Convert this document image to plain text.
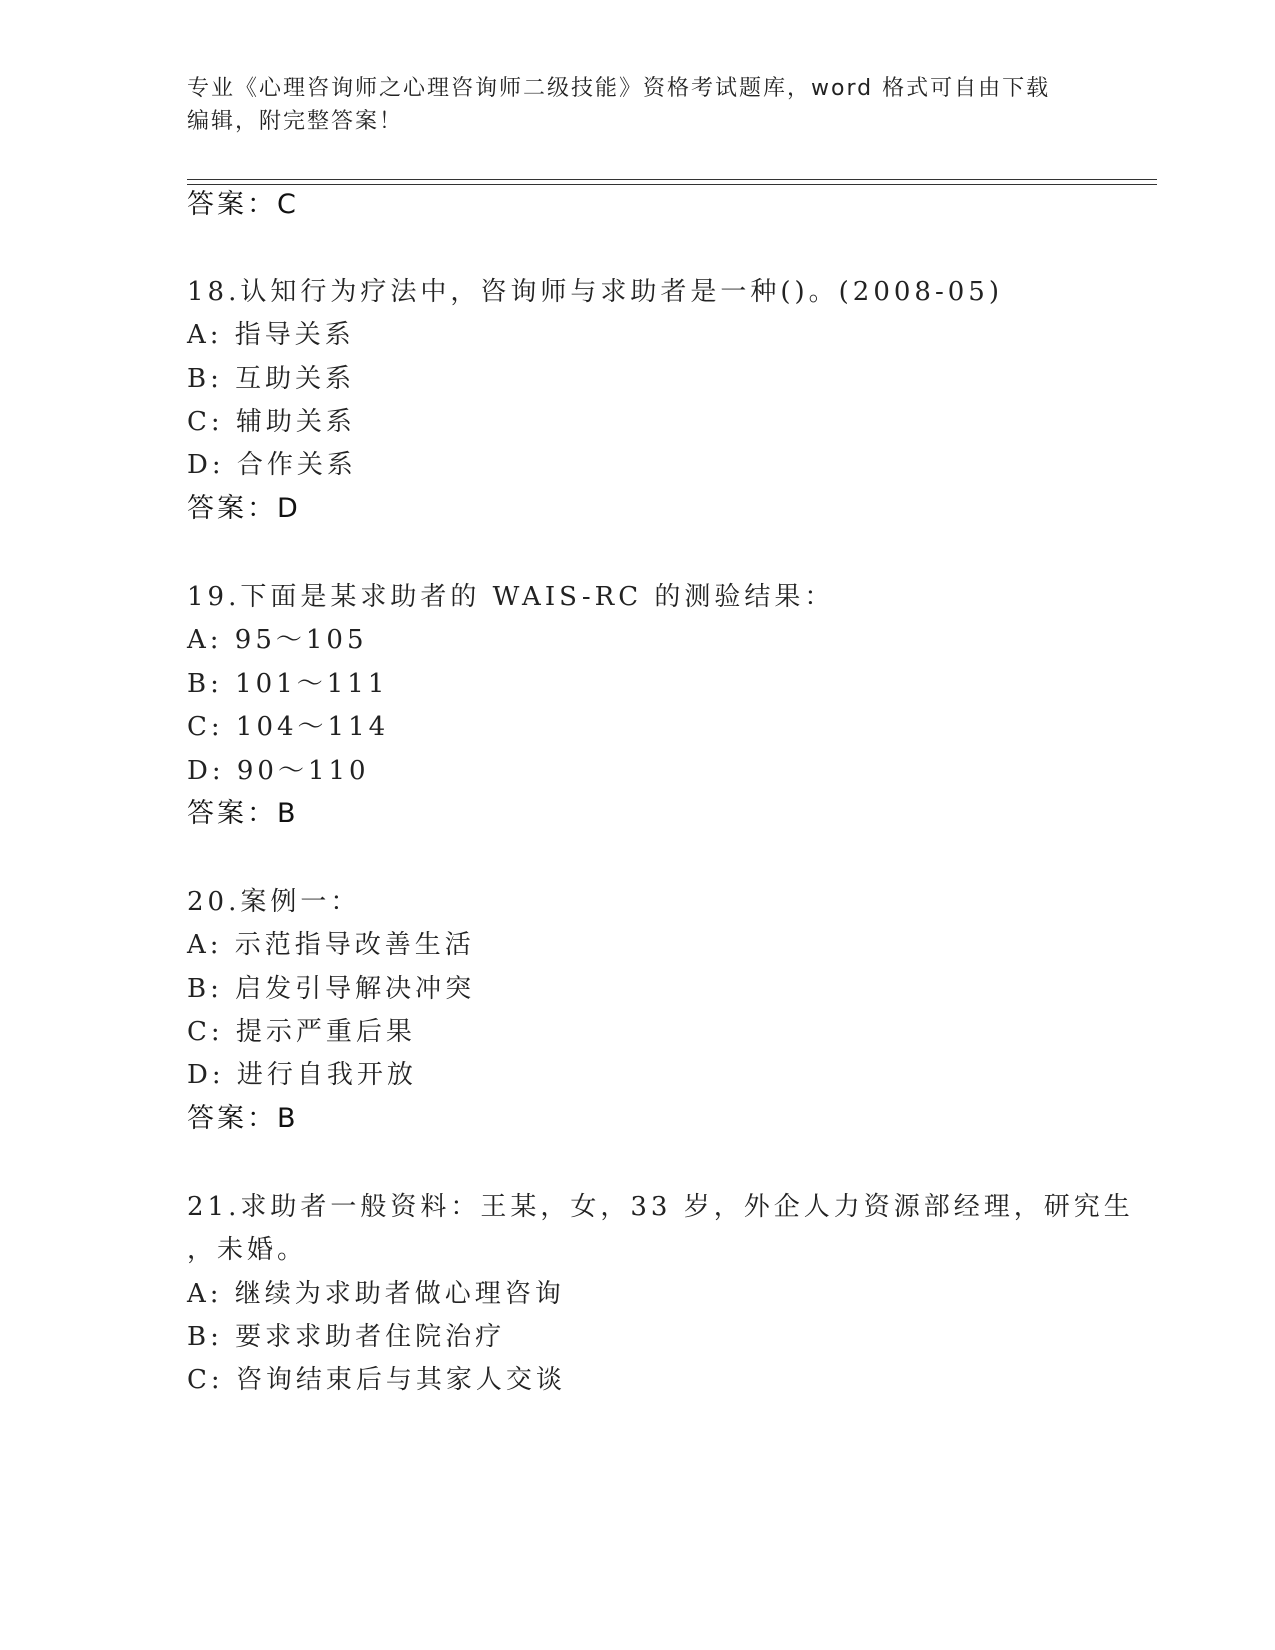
专业《心理咨询师之心理咨询师二级技能》资格考试题库，word 格式可自由下载
编辑，附完整答案！
答案：C
18.认知行为疗法中，咨询师与求助者是一种()。(2008-05)
A: 指导关系
B: 互助关系
C: 辅助关系
D: 合作关系
答案：D
19.下面是某求助者的 WAIS-RC 的测验结果：
A: 95～105
B: 101～111
C: 104～114
D: 90～110
答案：B
20.案例一：
A: 示范指导改善生活
B: 启发引导解决冲突
C: 提示严重后果
D: 进行自我开放
答案：B
21.求助者一般资料：王某，女，33 岁，外企人力资源部经理，研究生
，未婚。
A: 继续为求助者做心理咨询
B: 要求求助者住院治疗
C: 咨询结束后与其家人交谈
